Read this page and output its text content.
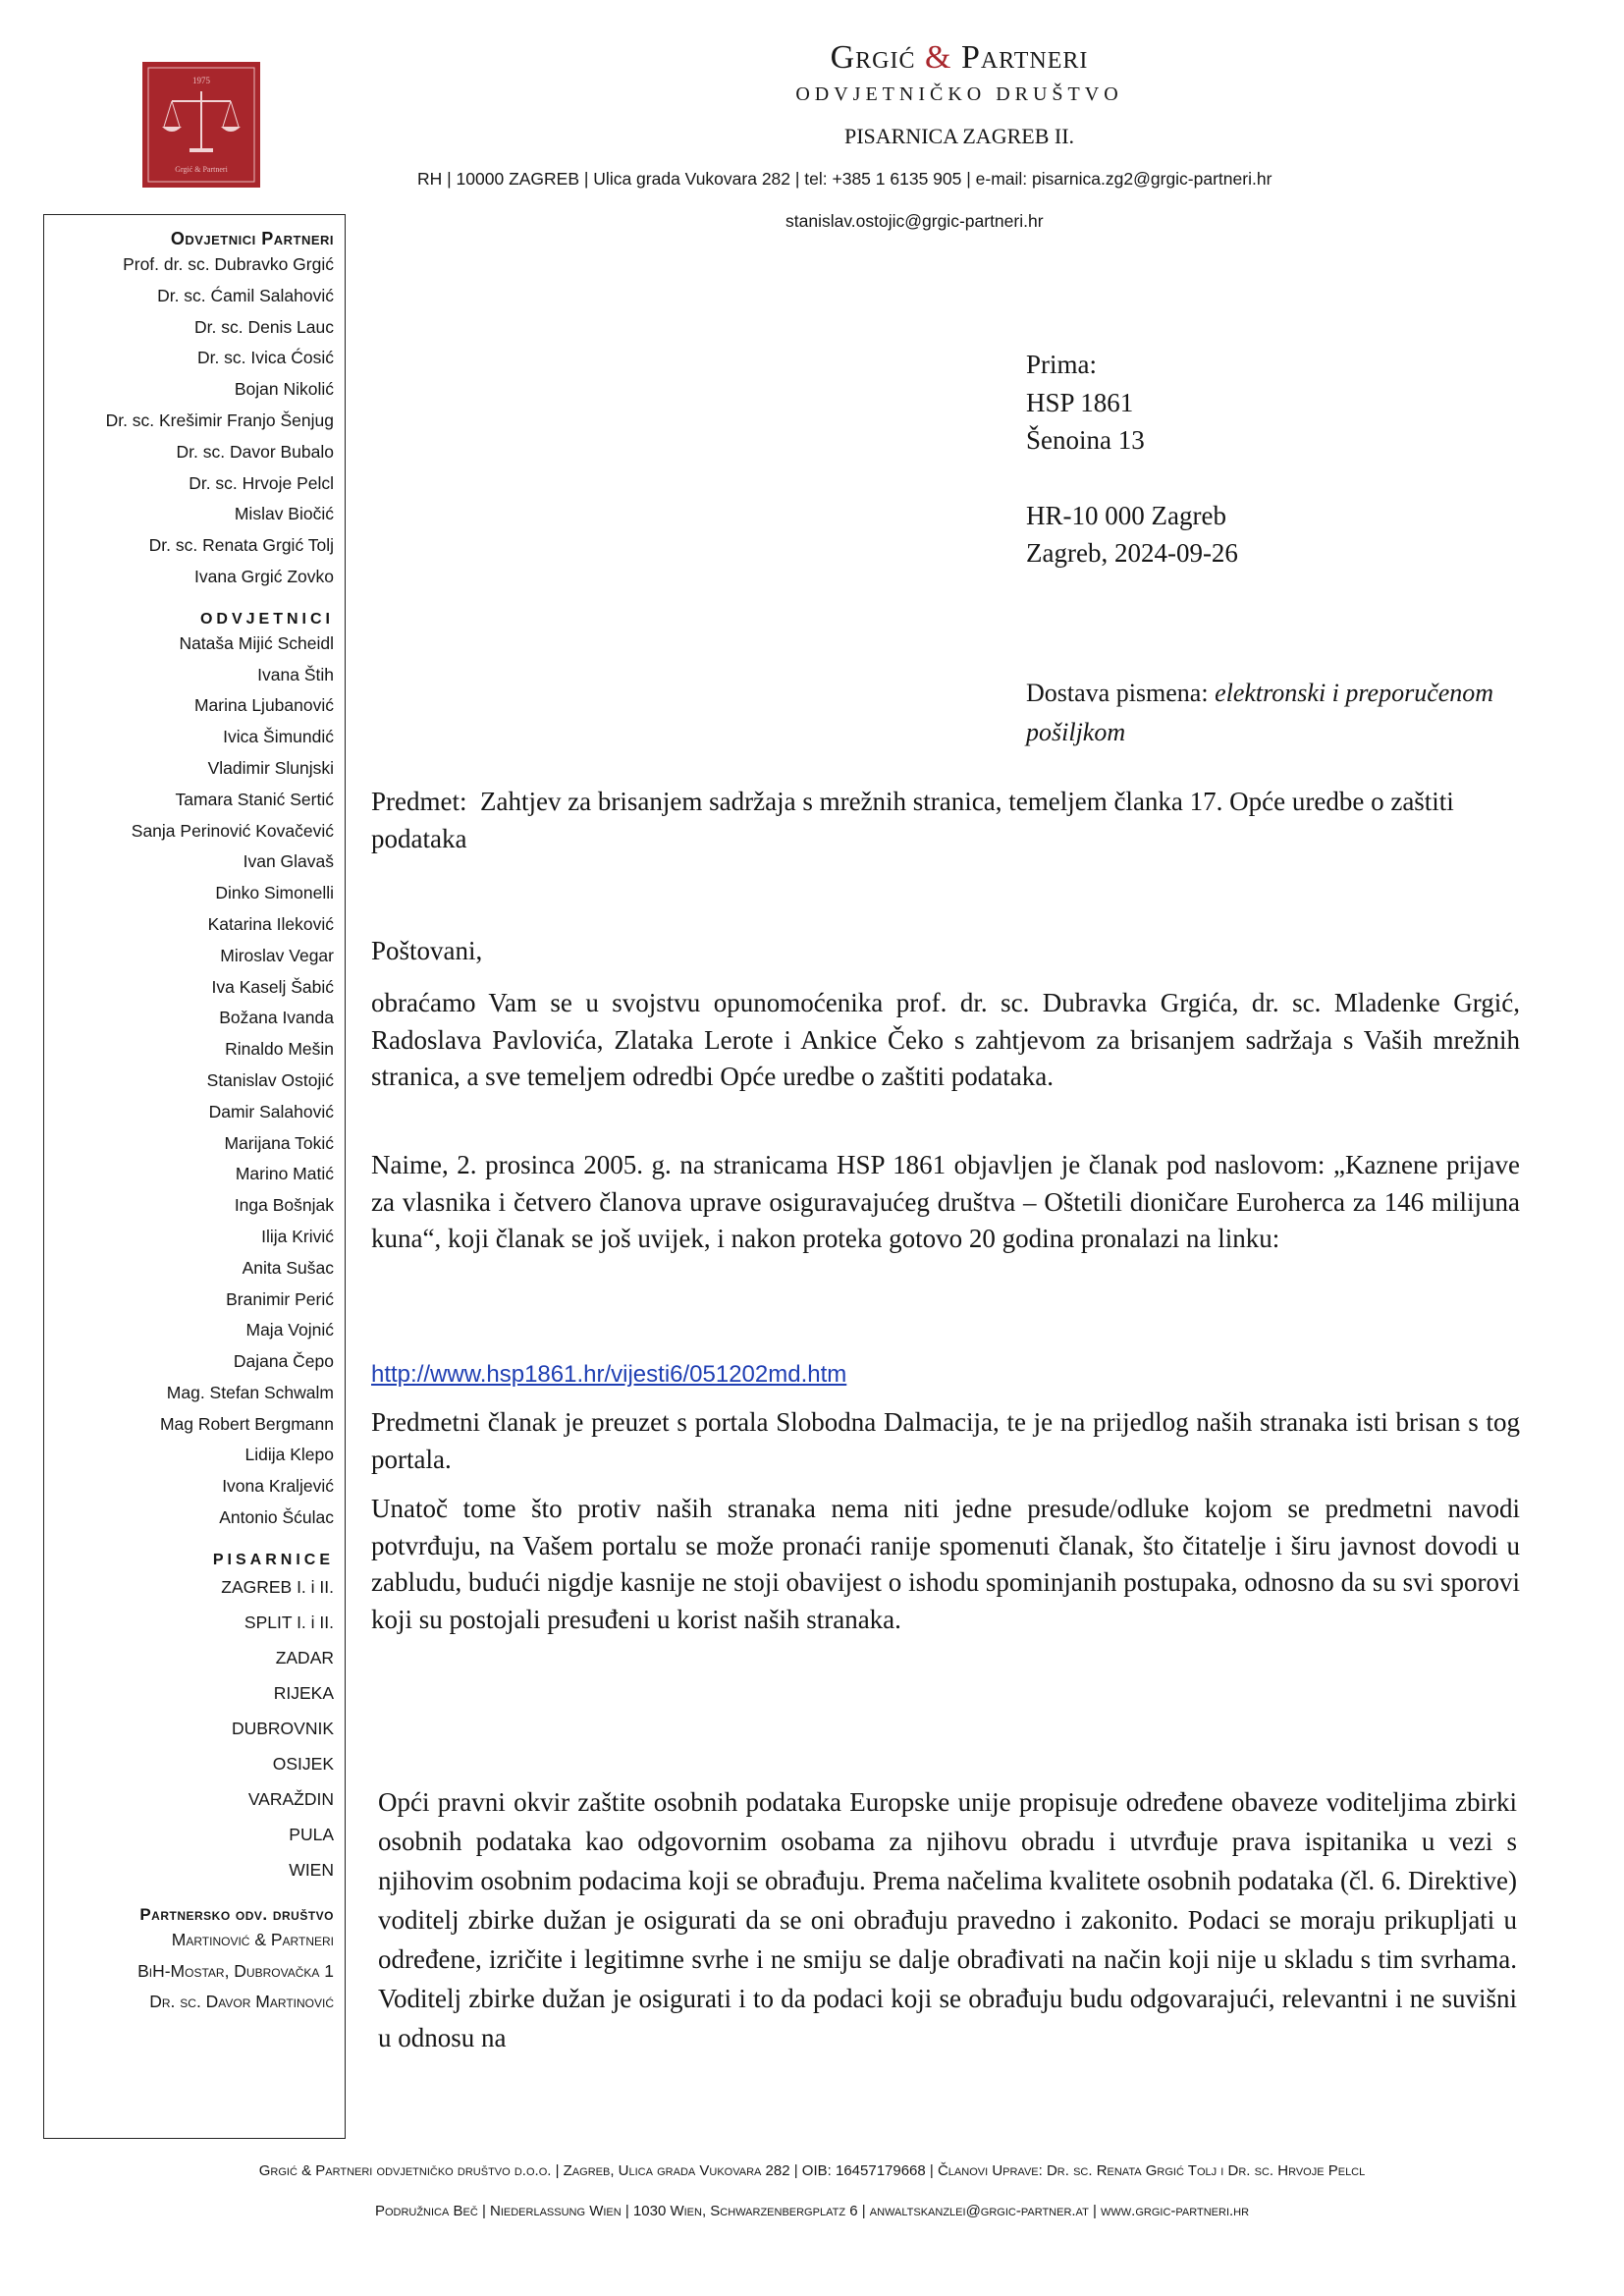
1975
Grgić & Partneri
Grgić & Partneri
ODVJETNIČKO DRUŠTVO
PISARNICA ZAGREB II.
RH | 10000 ZAGREB | Ulica grada Vukovara 282 | tel: +385 1 6135 905 | e-mail: pisarnica.zg2@grgic-partneri.hr
stanislav.ostojic@grgic-partneri.hr
Odvjetnici Partneri
Prof. dr. sc. Dubravko Grgić
Dr. sc. Ćamil Salahović
Dr. sc. Denis Lauc
Dr. sc. Ivica Ćosić
Bojan Nikolić
Dr. sc. Krešimir Franjo Šenjug
Dr. sc. Davor Bubalo
Dr. sc. Hrvoje Pelcl
Mislav Biočić
Dr. sc. Renata Grgić Tolj
Ivana Grgić Zovko
ODVJETNICI
Nataša Mijić Scheidl
Ivana Štih
Marina Ljubanović
Ivica Šimundić
Vladimir Slunjski
Tamara Stanić Sertić
Sanja Perinović Kovačević
Ivan Glavaš
Dinko Simonelli
Katarina Ileković
Miroslav Vegar
Iva Kaselj Šabić
Božana Ivanda
Rinaldo Mešin
Stanislav Ostojić
Damir Salahović
Marijana Tokić
Marino Matić
Inga Bošnjak
Ilija Krivić
Anita Sušac
Branimir Perić
Maja Vojnić
Dajana Čepo
Mag. Stefan Schwalm
Mag Robert Bergmann
Lidija Klepo
Ivona Kraljević
Antonio Šćulac
PISARNICE
ZAGREB I. i II.
SPLIT I. i II.
ZADAR
RIJEKA
DUBROVNIK
OSIJEK
VARAŽDIN
PULA
WIEN
Partnersko odv. društvo
Martinović & Partneri
BiH-Mostar, Dubrovačka 1
Dr. sc. Davor Martinović
Prima:
HSP 1861
Šenoina 13
HR-10 000 Zagreb
Zagreb, 2024-09-26
Dostava pismena: elektronski i preporučenom pošiljkom
Predmet: Zahtjev za brisanjem sadržaja s mrežnih stranica, temeljem članka 17. Opće uredbe o zaštiti podataka
Poštovani,

obraćamo Vam se u svojstvu opunomoćenika prof. dr. sc. Dubravka Grgića, dr. sc. Mladenke Grgić, Radoslava Pavlovića, Zlataka Lerote i Ankice Čeko s zahtjevom za brisanjem sadržaja s Vaših mrežnih stranica, a sve temeljem odredbi Opće uredbe o zaštiti podataka.

Naime, 2. prosinca 2005. g. na stranicama HSP 1861 objavljen je članak pod naslovom: „Kaznene prijave za vlasnika i četvero članova uprave osiguravajućeg društva – Oštetili dioničare Euroherca za 146 milijuna kuna“, koji članak se još uvijek, i nakon proteka gotovo 20 godina pronalazi na linku:

http://www.hsp1861.hr/vijesti6/051202md.htm

Predmetni članak je preuzet s portala Slobodna Dalmacija, te je na prijedlog naših stranaka isti brisan s tog portala.

Unatoč tome što protiv naših stranaka nema niti jedne presude/odluke kojom se predmetni navodi potvrđuju, na Vašem portalu se može pronaći ranije spomenuti članak, što čitatelje i širu javnost dovodi u zabludu, budući nigdje kasnije ne stoji obavijest o ishodu spominjanih postupaka, odnosno da su svi sporovi koji su postojali presuđeni u korist naših stranaka.

Opći pravni okvir zaštite osobnih podataka Europske unije propisuje određene obaveze voditeljima zbirki osobnih podataka kao odgovornim osobama za njihovu obradu i utvrđuje prava ispitanika u vezi s njihovim osobnim podacima koji se obrađuju. Prema načelima kvalitete osobnih podataka (čl. 6. Direktive) voditelj zbirke dužan je osigurati da se oni obrađuju pravedno i zakonito. Podaci se moraju prikupljati u određene, izričite i legitimne svrhe i ne smiju se dalje obrađivati na način koji nije u skladu s tim svrhama. Voditelj zbirke dužan je osigurati i to da podaci koji se obrađuju budu odgovarajući, relevantni i ne suvišni u odnosu na

Grgić & Partneri odvjetničko društvo d.o.o. | Zagreb, Ulica grada Vukovara 282 | OIB: 16457179668 | Članovi Uprave: Dr. sc. Renata Grgić Tolj i Dr. sc. Hrvoje Pelcl
Podružnica Beč | Niederlassung Wien | 1030 Wien, Schwarzenbergplatz 6 | anwaltskanzlei@grgic-partner.at | www.grgic-partneri.hr
